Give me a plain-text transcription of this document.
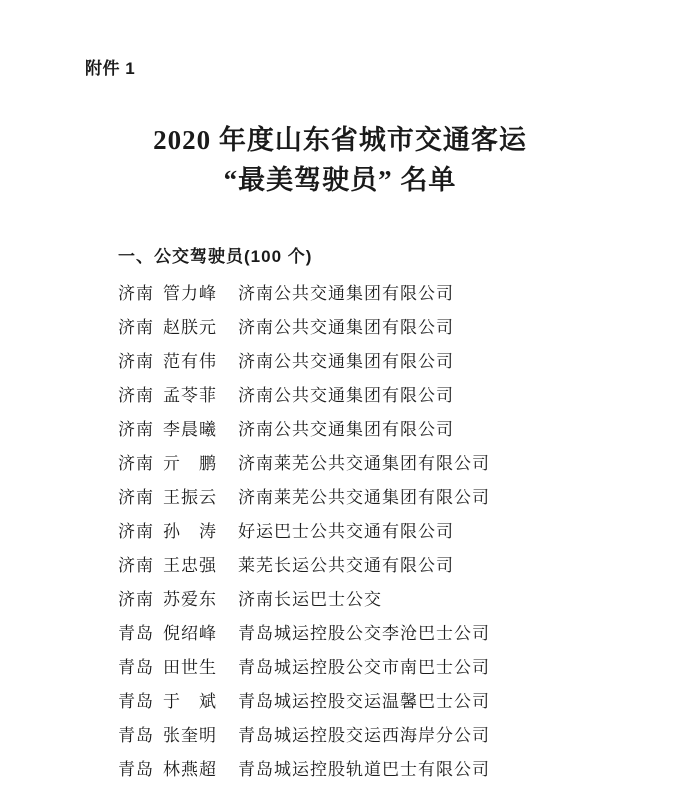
附件 1
2020 年度山东省城市交通客运
“最美驾驶员” 名单
一、公交驾驶员(100 个)
济南 管力峰	济南公共交通集团有限公司
济南 赵朕元	济南公共交通集团有限公司
济南 范有伟	济南公共交通集团有限公司
济南 孟苓菲	济南公共交通集团有限公司
济南 李晨曦	济南公共交通集团有限公司
济南 亓　鹏	济南莱芜公共交通集团有限公司
济南 王振云	济南莱芜公共交通集团有限公司
济南 孙　涛	好运巴士公共交通有限公司
济南 王忠强	莱芜长运公共交通有限公司
济南 苏爱东	济南长运巴士公交
青岛 倪绍峰	青岛城运控股公交李沧巴士公司
青岛 田世生	青岛城运控股公交市南巴士公司
青岛 于　斌	青岛城运控股交运温馨巴士公司
青岛 张奎明	青岛城运控股交运西海岸分公司
青岛 林燕超	青岛城运控股轨道巴士有限公司
